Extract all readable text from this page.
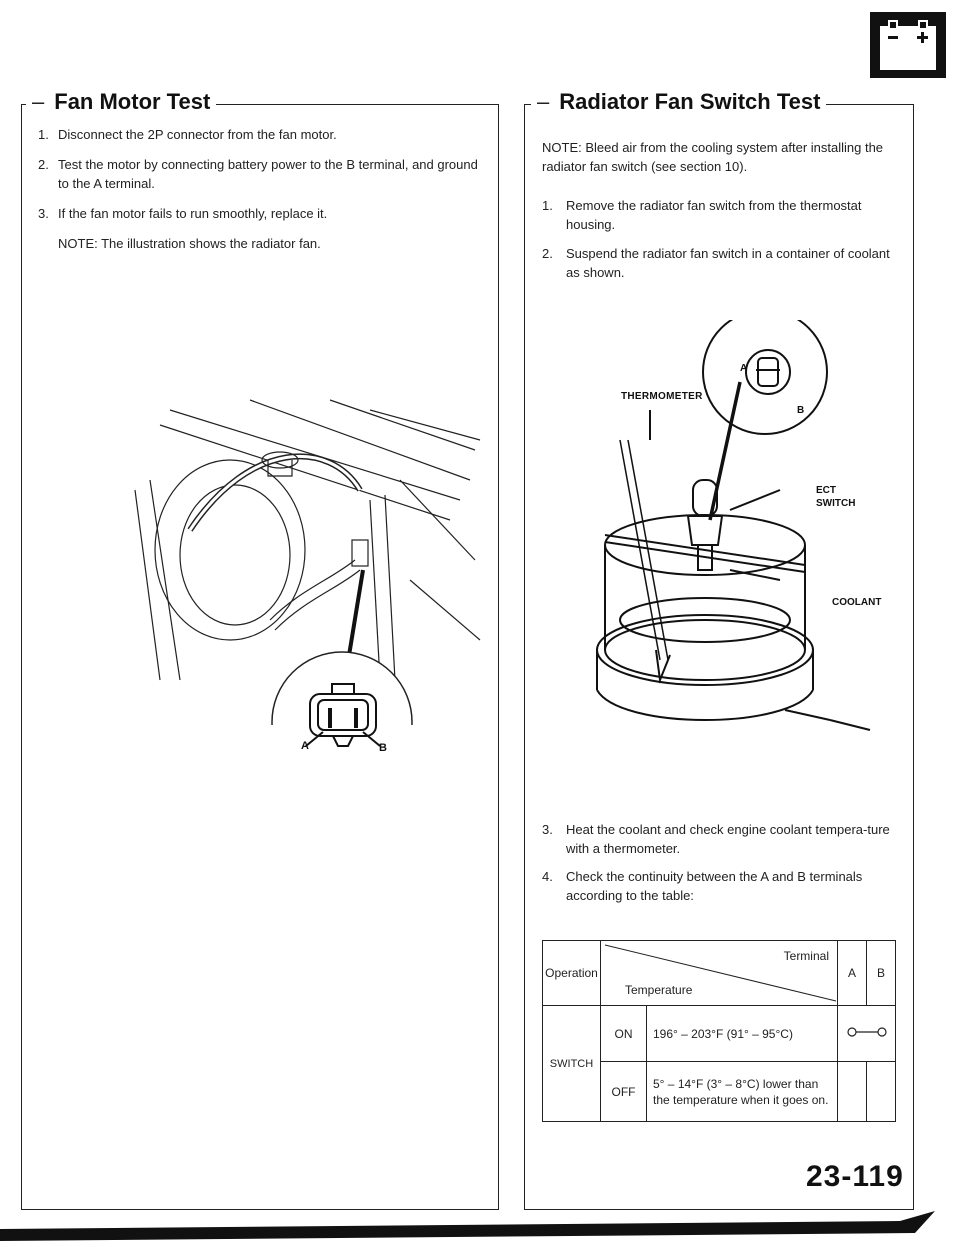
– Fan Motor Test
1. Disconnect the 2P connector from the fan motor.
2. Test the motor by connecting battery power to the B terminal, and ground to the A terminal.
3. If the fan motor fails to run smoothly, replace it.
NOTE: The illustration shows the radiator fan.
A	B
– Radiator Fan Switch Test
NOTE: Bleed air from the cooling system after installing the radiator fan switch (see section 10).
1.	Remove the radiator fan switch from the thermostat housing.
2.	Suspend the radiator fan switch in a container of coolant as shown.
THERMOMETER
ECT
SWITCH
COOLANT
A
B
3.	Heat the coolant and check engine coolant tempera-ture with a thermometer.
4.	Check the continuity between the A and B terminals according to the table:
Operation	Terminal
Temperature		A	B
SWITCH	ON	196° – 203°F (91° – 95°C)	
	OFF	5° – 14°F (3° – 8°C) lower than the temperature when it goes on.		
23-119
